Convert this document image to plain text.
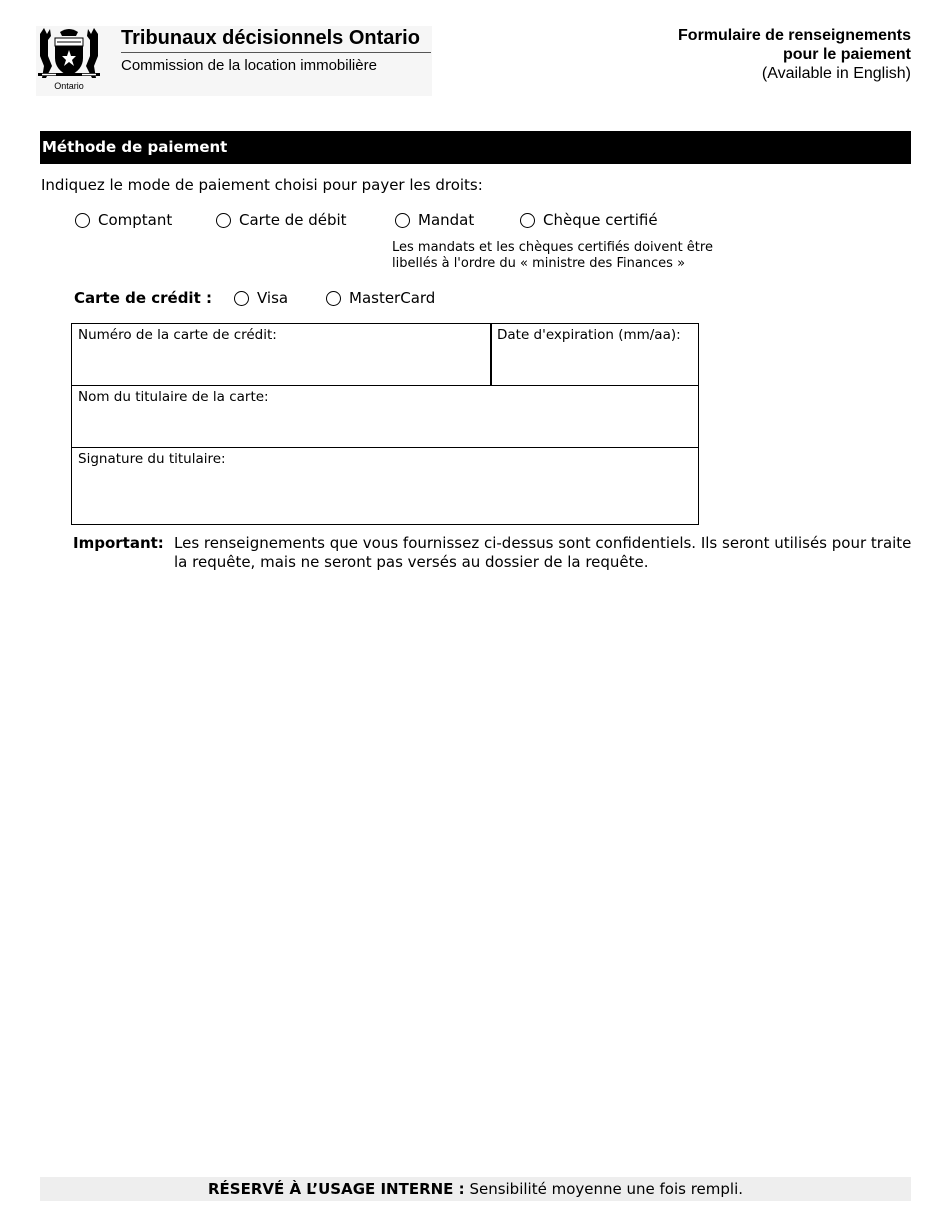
Ontario
Tribunaux décisionnels Ontario
Commission de la location immobilière
Formulaire de renseignements
pour le paiement
(Available in English)
Méthode de paiement
Indiquez le mode de paiement choisi pour payer les droits:
Comptant	Carte de débit	Mandat	Chèque certifié
Les mandats et les chèques certifiés doivent être
libellés à l'ordre du « ministre des Finances »
Carte de crédit :	Visa	MasterCard
Numéro de la carte de crédit:	Date d'expiration (mm/aa):
Nom du titulaire de la carte:
Signature du titulaire:
Important: Les renseignements que vous fournissez ci-dessus sont confidentiels. Ils seront utilisés pour traite la requête, mais ne seront pas versés au dossier de la requête.
RÉSERVÉ À L’USAGE INTERNE : Sensibilité moyenne une fois rempli.
